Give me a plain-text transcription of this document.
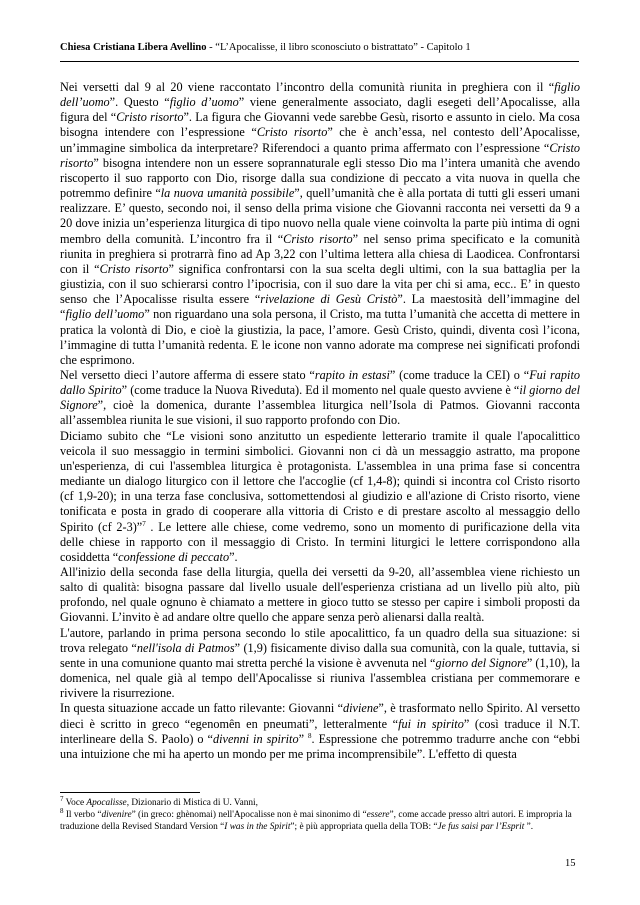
Chiesa Cristiana Libera Avellino - “L’Apocalisse, il libro sconosciuto o bistrattato” - Capitolo 1

Nei versetti dal 9 al 20 viene raccontato l’incontro della comunità riunita in preghiera con il “figlio dell’uomo”. Questo “figlio d’uomo” viene generalmente associato, dagli esegeti dell’Apocalisse, alla figura del “Cristo risorto”. La figura che Giovanni vede sarebbe Gesù, risorto e assunto in cielo. Ma cosa bisogna intendere con l’espressione “Cristo risorto” che è anch’essa, nel contesto dell’Apocalisse, un’immagine simbolica da interpretare? Riferendoci a quanto prima affermato con l’espressione “Cristo risorto” bisogna intendere non un essere soprannaturale egli stesso Dio ma l’intera umanità che avendo riscoperto il suo rapporto con Dio, risorge dalla sua condizione di peccato a vita nuova in quella che potremmo definire “la nuova umanità possibile”, quell’umanità che è alla portata di tutti gli esseri umani realizzare. E’ questo, secondo noi, il senso della prima visione che Giovanni racconta nei versetti da 9 a 20 dove inizia un’esperienza liturgica di tipo nuovo nella quale viene coinvolta la parte più intima di ogni membro della comunità. L’incontro fra il “Cristo risorto” nel senso prima specificato e la comunità riunita in preghiera si protrarrà fino ad Ap 3,22 con l’ultima lettera alla chiesa di Laodicea. Confrontarsi con il “Cristo risorto” significa confrontarsi con la sua scelta degli ultimi, con la sua battaglia per la giustizia, con il suo schierarsi contro l’ipocrisia, con il suo dare la vita per chi si ama, ecc.. E’ in questo senso che l’Apocalisse risulta essere “rivelazione di Gesù Cristò”. La maestosità dell’immagine del “figlio dell’uomo” non riguardano una sola persona, il Cristo, ma tutta l’umanità che accetta di mettere in pratica la volontà di Dio, e cioè la giustizia, la pace, l’amore. Gesù Cristo, quindi, diventa così l’icona, l’immagine di tutta l’umanità redenta. E le icone non vanno adorate ma comprese nei significati profondi che esprimono.

Nel versetto dieci l’autore afferma di essere stato “rapito in estasi” (come traduce la CEI) o “Fui rapito dallo Spirito” (come traduce la Nuova Riveduta). Ed il momento nel quale questo avviene è “il giorno del Signore”, cioè la domenica, durante l’assemblea liturgica nell’Isola di Patmos. Giovanni racconta all’assemblea riunita le sue visioni, il suo rapporto profondo con Dio.

Diciamo subito che “Le visioni sono anzitutto un espediente letterario tramite il quale l'apocalittico veicola il suo messaggio in termini simbolici. Giovanni non ci dà un messaggio astratto, ma propone un'esperienza, di cui l'assemblea liturgica è protagonista. L'assemblea in una prima fase si concentra mediante un dialogo liturgico con il lettore che l'accoglie (cf 1,4-8); quindi si incontra col Cristo risorto (cf 1,9-20); in una terza fase conclusiva, sottomettendosi al giudizio e all'azione di Cristo risorto, viene tonificata e posta in grado di cooperare alla vittoria di Cristo e di prestare ascolto al messaggio dello Spirito (cf 2-3)”$^7$ . Le lettere alle chiese, come vedremo, sono un momento di purificazione della vita delle chiese in rapporto con il messaggio di Cristo. In termini liturgici le lettere corrispondono alla cosiddetta “confessione di peccato”.

All'inizio della seconda fase della liturgia, quella dei versetti da 9-20, all’assemblea viene richiesto un salto di qualità: bisogna passare dal livello usuale dell'esperienza cristiana ad un livello più alto, più profondo, nel quale ognuno è chiamato a mettere in gioco tutto se stesso per capire i simboli proposti da Giovanni. L’invito è ad andare oltre quello che appare senza però alienarsi dalla realtà.

L'autore, parlando in prima persona secondo lo stile apocalittico, fa un quadro della sua situazione: si trova relegato “nell'isola di Patmos” (1,9) fisicamente diviso dalla sua comunità, con la quale, tuttavia, si sente in una comunione quanto mai stretta perché la visione è avvenuta nel “giorno del Signore” (1,10), la domenica, nel quale già al tempo dell'Apocalisse si riuniva l'assemblea cristiana per commemorare e rivivere la risurrezione.

In questa situazione accade un fatto rilevante: Giovanni “diviene”, è trasformato nello Spirito. Al versetto dieci è scritto in greco “egenomên en pneumati”, letteralmente “fui in spirito” (così traduce il N.T. interlineare della S. Paolo) o “divenni in spirito” $^8$. Espressione che potremmo tradurre anche con “ebbi una intuizione che mi ha aperto un mondo per me prima incomprensibile”. L'effetto di questa

$^7$ Voce Apocalisse, Dizionario di Mistica di U. Vanni,

$^8$ Il verbo “divenire” (in greco: ghènomai) nell'Apocalisse non è mai sinonimo di “essere”, come accade presso altri autori. E impropria la traduzione della Revised Standard Version “I was in the Spirit”; è più appropriata quella della TOB: “Je fus saisi par l’Esprit ”.

15
